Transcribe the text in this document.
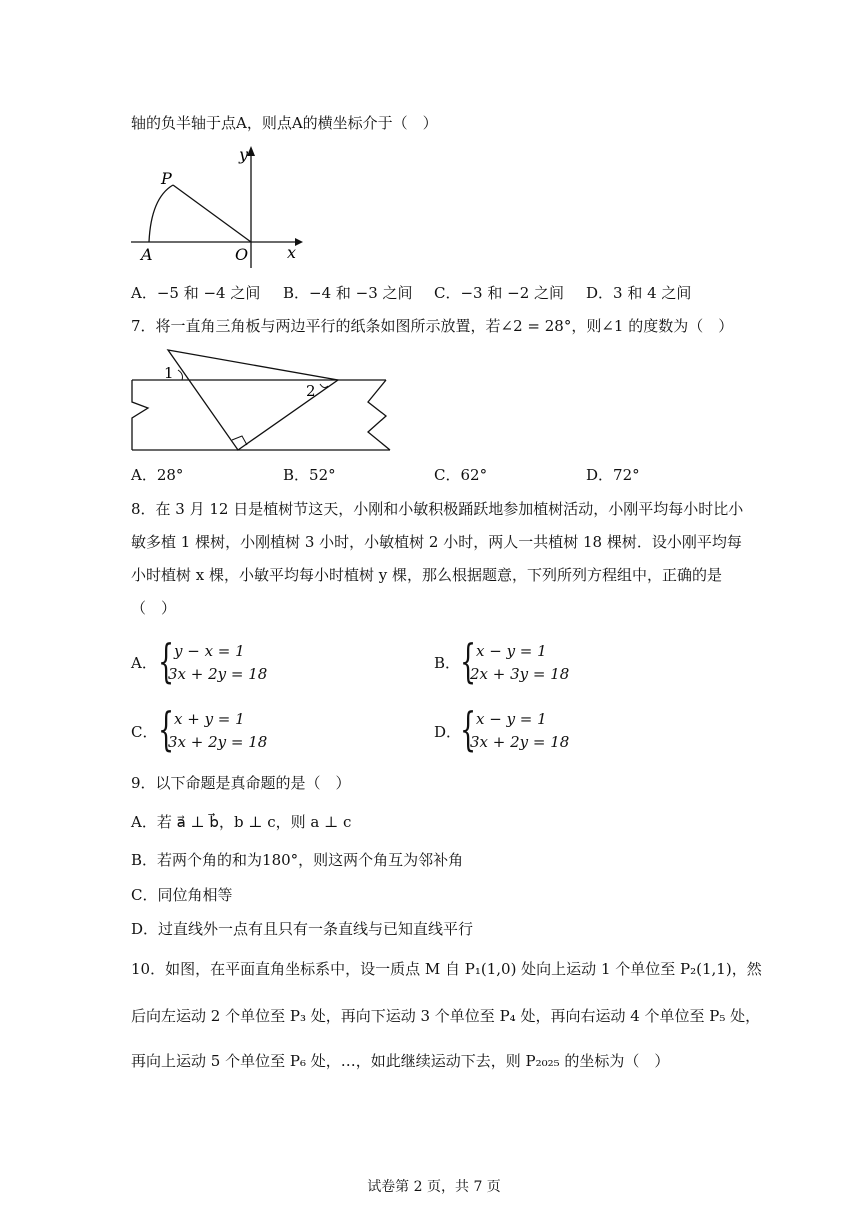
轴的负半轴于点A，则点A的横坐标介于（　）
y
P
A	O x
A．−5 和 −4 之间 B．−4 和 −3 之间 C．−3 和 −2 之间 D．3 和 4 之间
7．将一直角三角板与两边平行的纸条如图所示放置，若∠2 = 28°，则∠1 的度数为（　）
1
2
A．28°	B．52°	C．62°	D．72°
8．在 3 月 12 日是植树节这天，小刚和小敏积极踊跃地参加植树活动，小刚平均每小时比小
敏多植 1 棵树，小刚植树 3 小时，小敏植树 2 小时，两人一共植树 18 棵树．设小刚平均每
小时植树 x 棵，小敏平均每小时植树 y 棵，那么根据题意，下列所列方程组中，正确的是
（　）
A． { y − x = 1
3x + 2y = 18
B． { x − y = 1
2x + 3y = 18
C． { x + y = 1
3x + 2y = 18
D．
{ x − y = 1
3x + 2y = 18
9．以下命题是真命题的是（　）
A．若 a⃗ ⊥ b⃗，b ⊥ c，则 a ⊥ c
B．若两个角的和为180°，则这两个角互为邻补角
C．同位角相等
D．过直线外一点有且只有一条直线与已知直线平行
10．如图，在平面直角坐标系中，设一质点 M 自 P₁(1,0) 处向上运动 1 个单位至 P₂(1,1)，然
后向左运动 2 个单位至 P₃ 处，再向下运动 3 个单位至 P₄ 处，再向右运动 4 个单位至 P₅ 处，
再向上运动 5 个单位至 P₆ 处，…，如此继续运动下去，则 P₂₀₂₅ 的坐标为（　）
试卷第 2 页，共 7 页
